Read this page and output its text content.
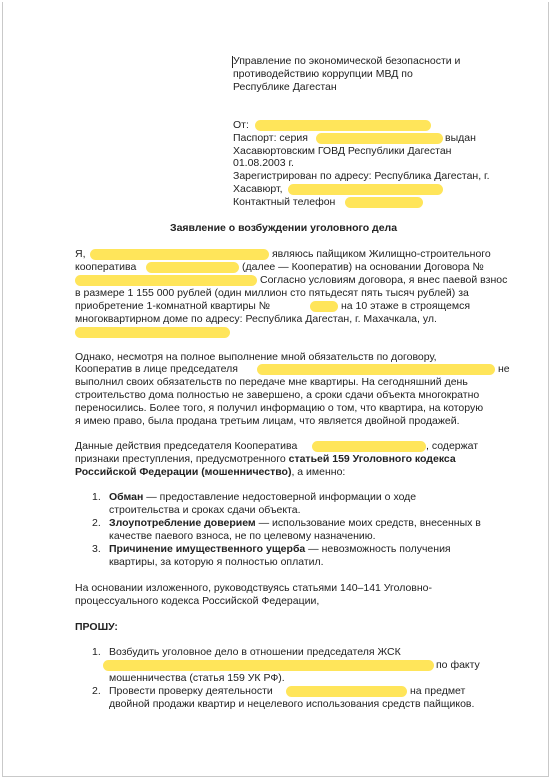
Управление по экономической безопасности и
противодействию коррупции МВД по
Республике Дагестан
От:
Паспорт: серия	выдан
Хасавюртовским ГОВД Республики Дагестан
01.08.2003 г.
Зарегистрирован по адресу: Республика Дагестан, г.
Хасавюрт,
Контактный телефон
Заявление о возбуждении уголовного дела
Я,	являюсь пайщиком Жилищно-строительного
кооператива	(далее — Кооператив) на основании Договора №
Согласно условиям договора, я внес паевой взнос
в размере 1 155 000 рублей (один миллион сто пятьдесят пять тысяч рублей) за
приобретение 1-комнатной квартиры №	на 10 этаже в строящемся
многоквартирном доме по адресу: Республика Дагестан, г. Махачкала, ул.
Однако, несмотря на полное выполнение мной обязательств по договору,
Кооператив в лице председателя	не
выполнил своих обязательств по передаче мне квартиры. На сегодняшний день
строительство дома полностью не завершено, а сроки сдачи объекта многократно
переносились. Более того, я получил информацию о том, что квартира, на которую
я имею право, была продана третьим лицам, что является двойной продажей.
Данные действия председателя Кооператива	, содержат
признаки преступления, предусмотренного статьей 159 Уголовного кодекса
Российской Федерации (мошенничество), а именно:
1. Обман — предоставление недостоверной информации о ходе
строительства и сроках сдачи объекта.
2. Злоупотребление доверием — использование моих средств, внесенных в
качестве паевого взноса, не по целевому назначению.
3. Причинение имущественного ущерба — невозможность получения
квартиры, за которую я полностью оплатил.
На основании изложенного, руководствуясь статьями 140–141 Уголовно-
процессуального кодекса Российской Федерации,
ПРОШУ:
1. Возбудить уголовное дело в отношении председателя ЖСК
по факту
мошенничества (статья 159 УК РФ).
2. Провести проверку деятельности	на предмет
двойной продажи квартир и нецелевого использования средств пайщиков.
